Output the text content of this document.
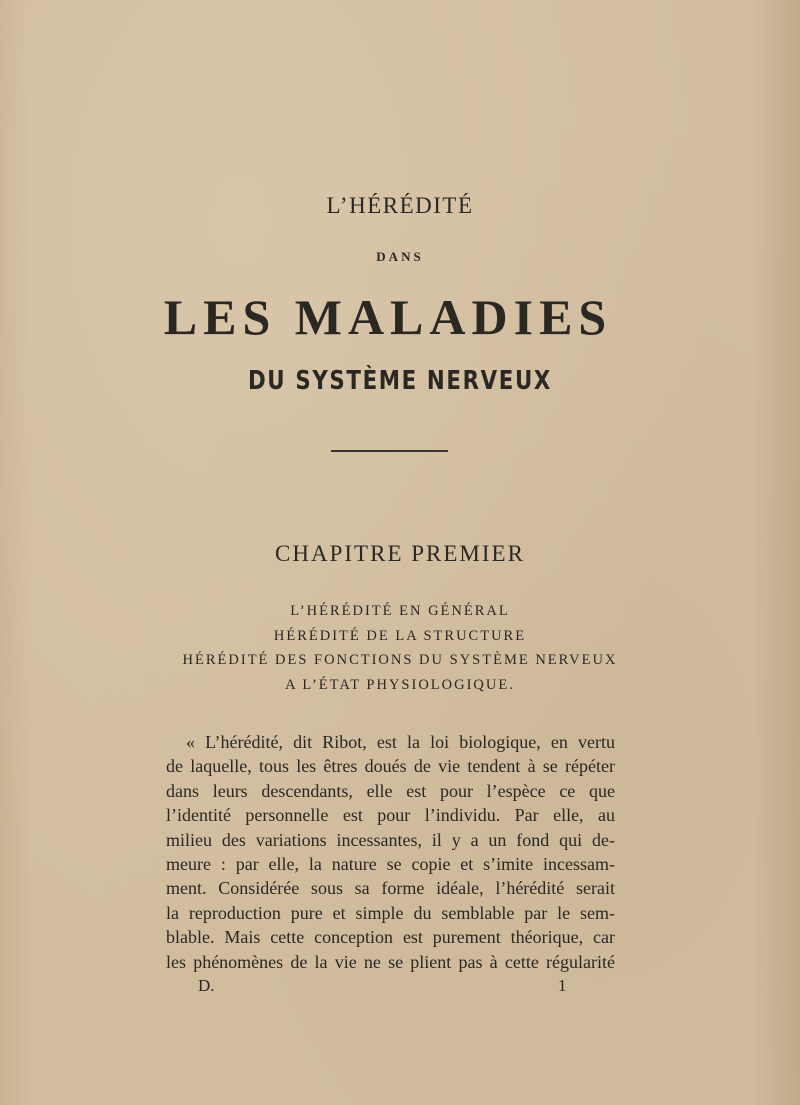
L’HÉRÉDITÉ
DANS
LES MALADIES
DU SYSTÈME NERVEUX
CHAPITRE PREMIER
L’HÉRÉDITÉ EN GÉNÉRAL
HÉRÉDITÉ DE LA STRUCTURE
HÉRÉDITÉ DES FONCTIONS DU SYSTÈME NERVEUX
A L’ÉTAT PHYSIOLOGIQUE.
« L’hérédité, dit Ribot, est la loi biologique, en vertu
de laquelle, tous les êtres doués de vie tendent à se répéter
dans leurs descendants, elle est pour l’espèce ce que
l’identité personnelle est pour l’individu. Par elle, au
milieu des variations incessantes, il y a un fond qui de-
meure : par elle, la nature se copie et s’imite incessam-
ment. Considérée sous sa forme idéale, l’hérédité serait
la reproduction pure et simple du semblable par le sem-
blable. Mais cette conception est purement théorique, car
les phénomènes de la vie ne se plient pas à cette régularité
D.	1
